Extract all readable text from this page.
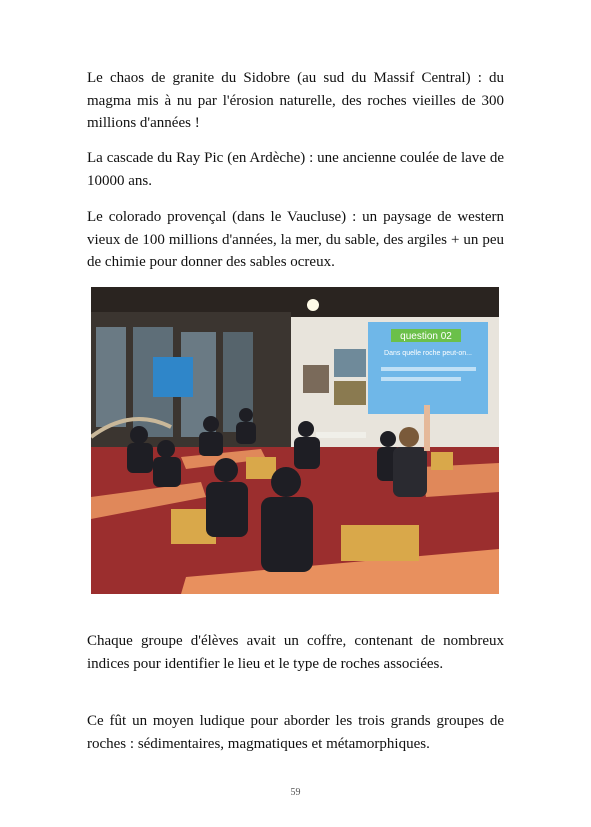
Le chaos de granite du Sidobre (au sud du Massif Central) : du magma mis à nu par l'érosion naturelle, des roches vieilles de 300 millions d'années !

La cascade du Ray Pic (en Ardèche) : une ancienne coulée de lave de 10000 ans.

Le colorado provençal (dans le Vaucluse) : un paysage de western vieux de 100 millions d'années, la mer, du sable, des argiles + un peu de chimie pour donner des sables ocreux.

question 02
Dans quelle roche peut-on...

Chaque groupe d'élèves avait un coffre, contenant de nombreux indices pour identifier le lieu et le type de roches associées.

Ce fût un moyen ludique pour aborder les trois grands groupes de roches : sédimentaires, magmatiques et métamorphiques.

59
